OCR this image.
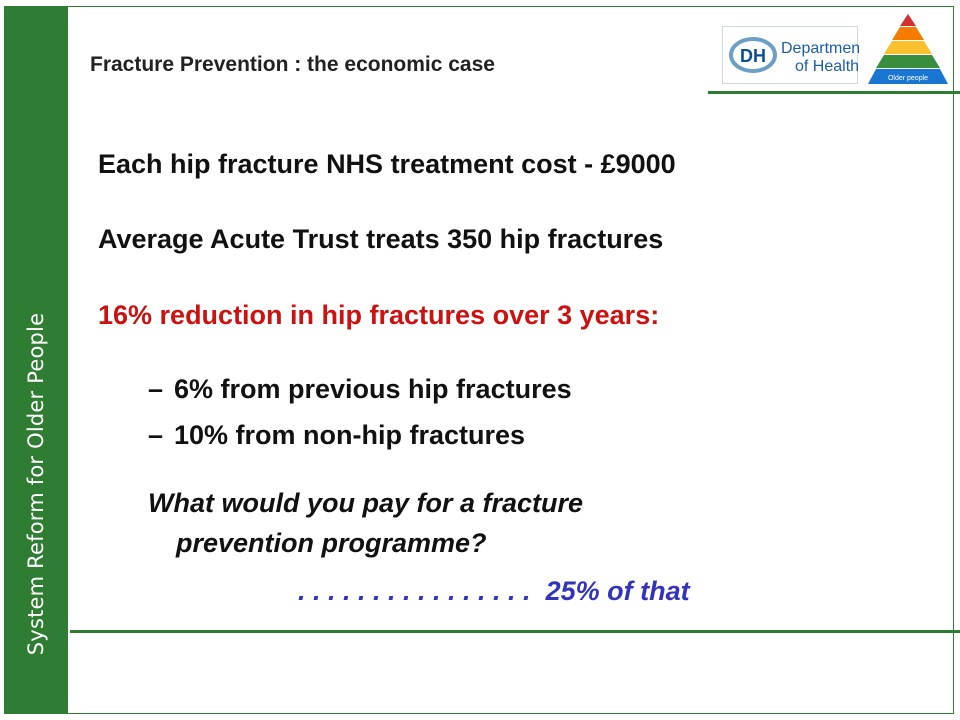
System Reform for Older People
Fracture Prevention : the economic case	DH Department
of Health
Older people
Each hip fracture NHS treatment cost - £9000
Average Acute Trust treats 350 hip fractures
16% reduction in hip fractures over 3 years:
– 6% from previous hip fractures
– 10% from non-hip fractures
What would you pay for a fracture
prevention programme?
. . . . . . . . . . . . . . . . 25% of that
